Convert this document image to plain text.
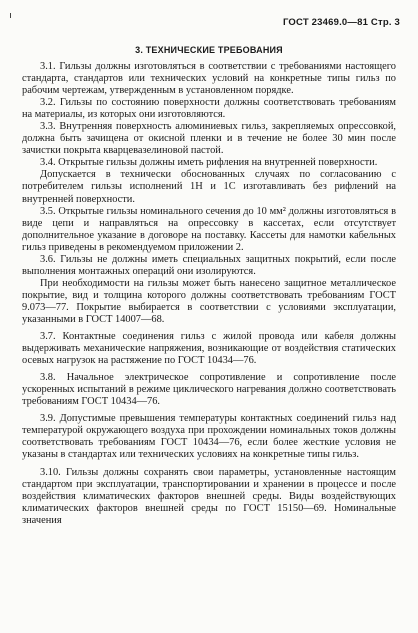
ГОСТ 23469.0—81 Стр. 3
3. ТЕХНИЧЕСКИЕ ТРЕБОВАНИЯ

3.1. Гильзы должны изготовляться в соответствии с требованиями настоящего стандарта, стандартов или технических условий на конкретные типы гильз по рабочим чертежам, утвержденным в установленном порядке.

3.2. Гильзы по состоянию поверхности должны соответствовать требованиям на материалы, из которых они изготовляются.

3.3. Внутренняя поверхность алюминиевых гильз, закрепляемых опрессовкой, должна быть зачищена от окисной пленки и в течение не более 30 мин после зачистки покрыта кварцевазелиновой пастой.

3.4. Открытые гильзы должны иметь рифления на внутренней поверхности.

Допускается в технически обоснованных случаях по согласованию с потребителем гильзы исполнений 1Н и 1С изготавливать без рифлений на внутренней поверхности.

3.5. Открытые гильзы номинального сечения до 10 мм² должны изготовляться в виде цепи и направляться на опрессовку в кассетах, если отсутствует дополнительное указание в договоре на поставку. Кассеты для намотки кабельных гильз приведены в рекомендуемом приложении 2.

3.6. Гильзы не должны иметь специальных защитных покрытий, если после выполнения монтажных операций они изолируются.

При необходимости на гильзы может быть нанесено защитное металлическое покрытие, вид и толщина которого должны соответствовать требованиям ГОСТ 9.073—77. Покрытие выбирается в соответствии с условиями эксплуатации, указанными в ГОСТ 14007—68.

3.7. Контактные соединения гильз с жилой провода или кабеля должны выдерживать механические напряжения, возникающие от воздействия статических осевых нагрузок на растяжение по ГОСТ 10434—76.

3.8. Начальное электрическое сопротивление и сопротивление после ускоренных испытаний в режиме циклического нагревания должно соответствовать требованиям ГОСТ 10434—76.

3.9. Допустимые превышения температуры контактных соединений гильз над температурой окружающего воздуха при прохождении номинальных токов должны соответствовать требованиям ГОСТ 10434—76, если более жесткие условия не указаны в стандартах или технических условиях на конкретные типы гильз.

3.10. Гильзы должны сохранять свои параметры, установленные настоящим стандартом при эксплуатации, транспортировании и хранении в процессе и после воздействия климатических факторов внешней среды. Виды воздействующих климатических факторов внешней среды по ГОСТ 15150—69. Номинальные значения
